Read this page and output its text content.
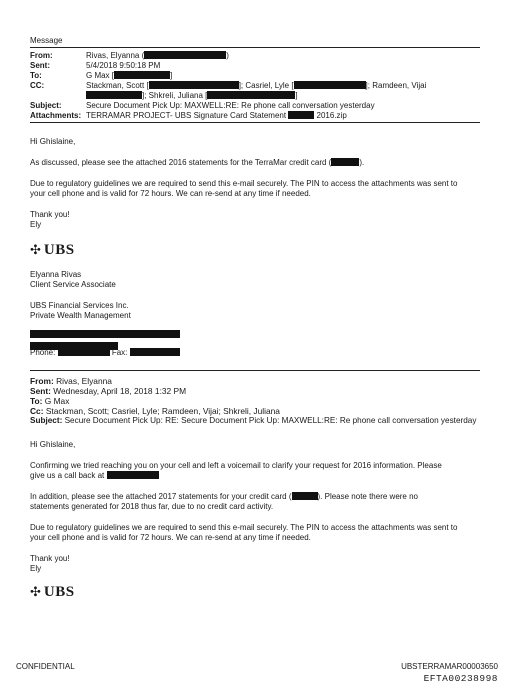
Message
From:	Rivas, Elyanna (	)
Sent:	5/4/2018 9:50:18 PM
To:	G Max [	]
CC:	Stackman, Scott [	]; Casriel, Lyle [	]; Ramdeen, Vijai
]; Shkreli, Juliana [	]
Subject:	Secure Document Pick Up: MAXWELL:RE: Re phone call conversation yesterday
Attachments: TERRAMAR PROJECT- UBS Signature Card Statement	2016.zip
Hi Ghislaine,
As discussed, please see the attached 2016 statements for the TerraMar credit card (	).
Due to regulatory guidelines we are required to send this e-mail securely. The PIN to access the attachments was sent to
your cell phone and is valid for 72 hours. We can re-send at any time if needed.
Thank you!
Ely
✣ UBS
Elyanna Rivas
Client Service Associate
UBS Financial Services Inc.
Private Wealth Management
Phone:	Fax:
From: Rivas, Elyanna
Sent: Wednesday, April 18, 2018 1:32 PM
To: G Max
Cc: Stackman, Scott; Casriel, Lyle; Ramdeen, Vijai; Shkreli, Juliana
Subject: Secure Document Pick Up: RE: Secure Document Pick Up: MAXWELL:RE: Re phone call conversation yesterday
Hi Ghislaine,
Confirming we tried reaching you on your cell and left a voicemail to clarify your request for 2016 information. Please
give us a call back at
In addition, please see the attached 2017 statements for your credit card (	). Please note there were no
statements generated for 2018 thus far, due to no credit card activity.
Due to regulatory guidelines we are required to send this e-mail securely. The PIN to access the attachments was sent to
your cell phone and is valid for 72 hours. We can re-send at any time if needed.
Thank you!
Ely
✣ UBS
CONFIDENTIAL	UBSTERRAMAR00003650
EFTA00238998
